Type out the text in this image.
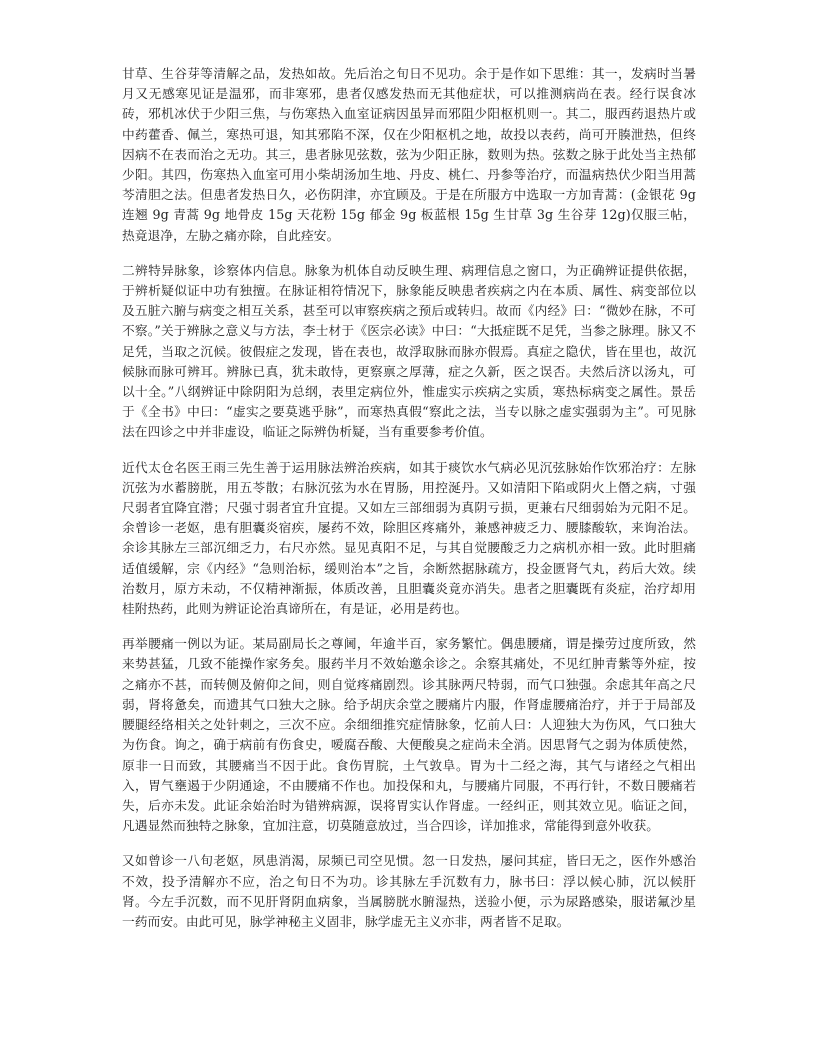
甘草、生谷芽等清解之品，发热如故。先后治之旬日不见功。余于是作如下思维：其一，发病时当暑月又无感寒见证是温邪，而非寒邪，患者仅感发热而无其他症状，可以推测病尚在表。经行误食冰砖，邪机冰伏于少阳三焦，与伤寒热入血室证病因虽异而邪阻少阳枢机则一。其二，服西药退热片或中药藿香、佩兰，寒热可退，知其邪陷不深，仅在少阳枢机之地，故投以表药，尚可开腠泄热，但终因病不在表而治之无功。其三，患者脉见弦数，弦为少阳正脉，数则为热。弦数之脉于此处当主热郁少阳。其四，伤寒热入血室可用小柴胡汤加生地、丹皮、桃仁、丹参等治疗，而温病热伏少阳当用蒿芩清胆之法。但患者发热日久，必伤阴津，亦宜顾及。于是在所服方中选取一方加青蒿：(金银花 9g 连翘 9g 青蒿 9g 地骨皮 15g 天花粉 15g 郁金 9g 板蓝根 15g 生甘草 3g 生谷芽 12g)仅服三帖，热竟退净，左胁之痛亦除，自此痊安。

二辨特异脉象，诊察体内信息。脉象为机体自动反映生理、病理信息之窗口，为正确辨证提供依据，于辨析疑似证中功有独擅。在脉证相符情况下，脉象能反映患者疾病之内在本质、属性、病变部位以及五脏六腑与病变之相互关系，甚至可以审察疾病之预后或转归。故而《内经》曰：“微妙在脉，不可不察。”关于辨脉之意义与方法，李士材于《医宗必读》中曰：“大抵症既不足凭，当参之脉理。脉又不足凭，当取之沉候。彼假症之发现，皆在表也，故浮取脉而脉亦假焉。真症之隐伏，皆在里也，故沉候脉而脉可辨耳。辨脉已真，犹未敢恃，更察禀之厚薄，症之久新，医之误否。夫然后济以汤丸，可以十全。”八纲辨证中除阴阳为总纲，表里定病位外，惟虚实示疾病之实质，寒热标病变之属性。景岳于《全书》中曰：“虚实之要莫逃乎脉”，而寒热真假“察此之法，当专以脉之虚实强弱为主”。可见脉法在四诊之中并非虚设，临证之际辨伪析疑，当有重要参考价值。

近代太仓名医王雨三先生善于运用脉法辨治疾病，如其于痰饮水气病必见沉弦脉始作饮邪治疗：左脉沉弦为水蓄膀胱，用五苓散；右脉沉弦为水在胃肠，用控涎丹。又如清阳下陷或阴火上僭之病，寸强尺弱者宜降宜潜；尺强寸弱者宜升宜提。又如左三部细弱为真阴亏损，更兼右尺细弱始为元阳不足。余曾诊一老妪，患有胆囊炎宿疾，屡药不效，除胆区疼痛外，兼感神疲乏力、腰膝酸软，来询治法。余诊其脉左三部沉细乏力，右尺亦然。显见真阳不足，与其自觉腰酸乏力之病机亦相一致。此时胆痛适值缓解，宗《内经》“急则治标，缓则治本”之旨，余断然据脉疏方，投金匮肾气丸，药后大效。续治数月，原方未动，不仅精神渐振，体质改善，且胆囊炎竟亦消失。患者之胆囊既有炎症，治疗却用桂附热药，此则为辨证论治真谛所在，有是证，必用是药也。

再举腰痛一例以为证。某局副局长之尊阃，年逾半百，家务繁忙。偶患腰痛，谓是操劳过度所致，然来势甚猛，几致不能操作家务矣。服药半月不效始邀余诊之。余察其痛处，不见红肿青紫等外症，按之痛亦不甚，而转侧及俯仰之间，则自觉疼痛剧烈。诊其脉两尺特弱，而气口独强。余虑其年高之尺弱，肾将惫矣，而遗其气口独大之脉。给予胡庆余堂之腰痛片内服，作肾虚腰痛治疗，并于于局部及腰腿经络相关之处针刺之，三次不应。余细细推究症情脉象，忆前人曰：人迎独大为伤风，气口独大为伤食。询之，确于病前有伤食史，嗳腐吞酸、大便酸臭之症尚未全消。因思肾气之弱为体质使然，原非一日而致，其腰痛当不因于此。食伤胃脘，土气敦阜。胃为十二经之海，其气与诸经之气相出入，胃气壅遏于少阴通途，不由腰痛不作也。加投保和丸，与腰痛片同服，不再行针，不数日腰痛若失，后亦未发。此证余始治时为错辨病源，误将胃实认作肾虚。一经纠正，则其效立见。临证之间，凡遇显然而独特之脉象，宜加注意，切莫随意放过，当合四诊，详加推求，常能得到意外收获。

又如曾诊一八旬老妪，夙患消渴，尿频已司空见惯。忽一日发热，屡问其症，皆曰无之，医作外感治不效，投予清解亦不应，治之旬日不为功。诊其脉左手沉数有力，脉书曰：浮以候心肺，沉以候肝肾。今左手沉数，而不见肝肾阴血病象，当属膀胱水腑湿热，送验小便，示为尿路感染，服诺氟沙星一药而安。由此可见，脉学神秘主义固非，脉学虚无主义亦非，两者皆不足取。
